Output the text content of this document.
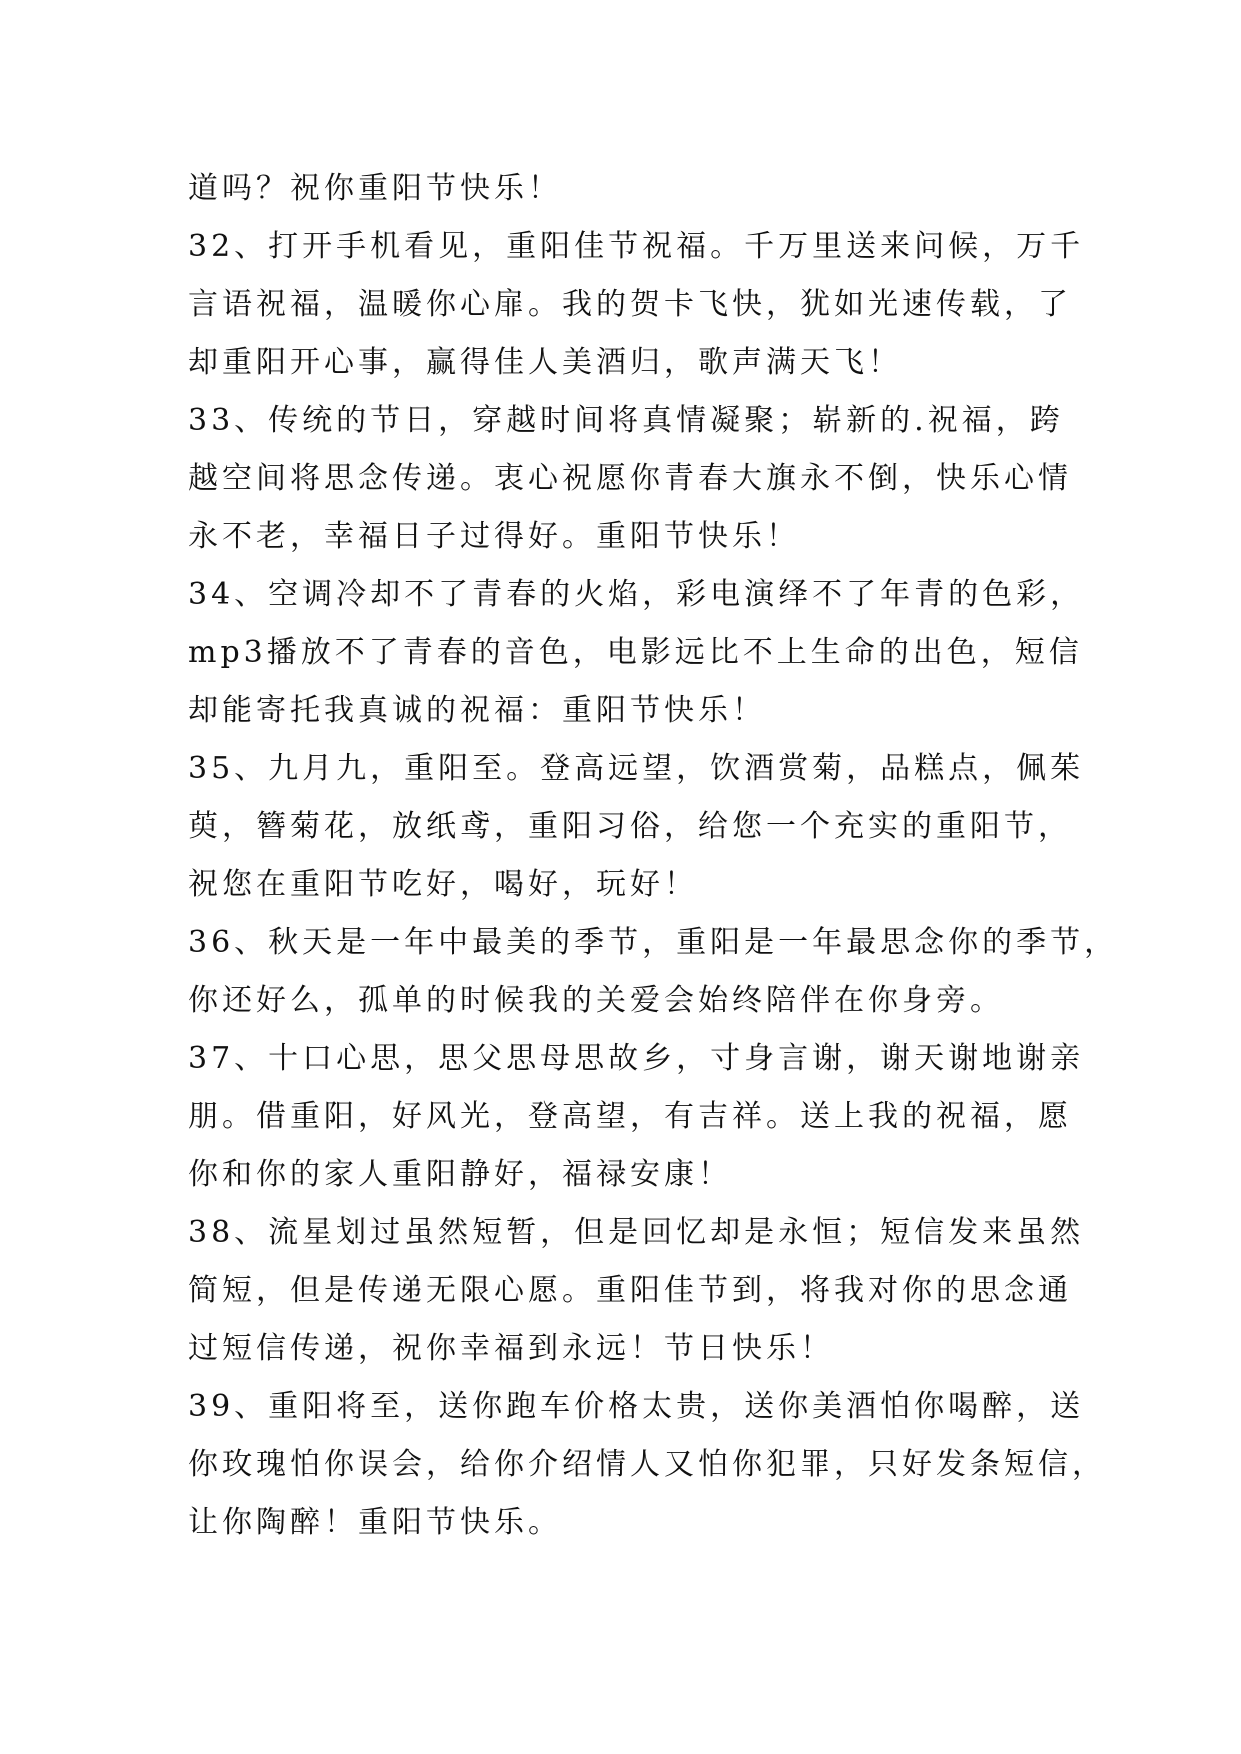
道吗？祝你重阳节快乐！
32、打开手机看见，重阳佳节祝福。千万里送来问候，万千
言语祝福，温暖你心扉。我的贺卡飞快，犹如光速传载，了
却重阳开心事，赢得佳人美酒归，歌声满天飞！
33、传统的节日，穿越时间将真情凝聚；崭新的.祝福，跨
越空间将思念传递。衷心祝愿你青春大旗永不倒，快乐心情
永不老，幸福日子过得好。重阳节快乐！
34、空调冷却不了青春的火焰，彩电演绎不了年青的色彩，
mp3播放不了青春的音色，电影远比不上生命的出色，短信
却能寄托我真诚的祝福：重阳节快乐！
35、九月九，重阳至。登高远望，饮酒赏菊，品糕点，佩茱
萸，簪菊花，放纸鸢，重阳习俗，给您一个充实的重阳节，
祝您在重阳节吃好，喝好，玩好！
36、秋天是一年中最美的季节，重阳是一年最思念你的季节，
你还好么，孤单的时候我的关爱会始终陪伴在你身旁。
37、十口心思，思父思母思故乡，寸身言谢，谢天谢地谢亲
朋。借重阳，好风光，登高望，有吉祥。送上我的祝福，愿
你和你的家人重阳静好，福禄安康！
38、流星划过虽然短暂，但是回忆却是永恒；短信发来虽然
简短，但是传递无限心愿。重阳佳节到，将我对你的思念通
过短信传递，祝你幸福到永远！节日快乐！
39、重阳将至，送你跑车价格太贵，送你美酒怕你喝醉，送
你玫瑰怕你误会，给你介绍情人又怕你犯罪，只好发条短信，
让你陶醉！重阳节快乐。
